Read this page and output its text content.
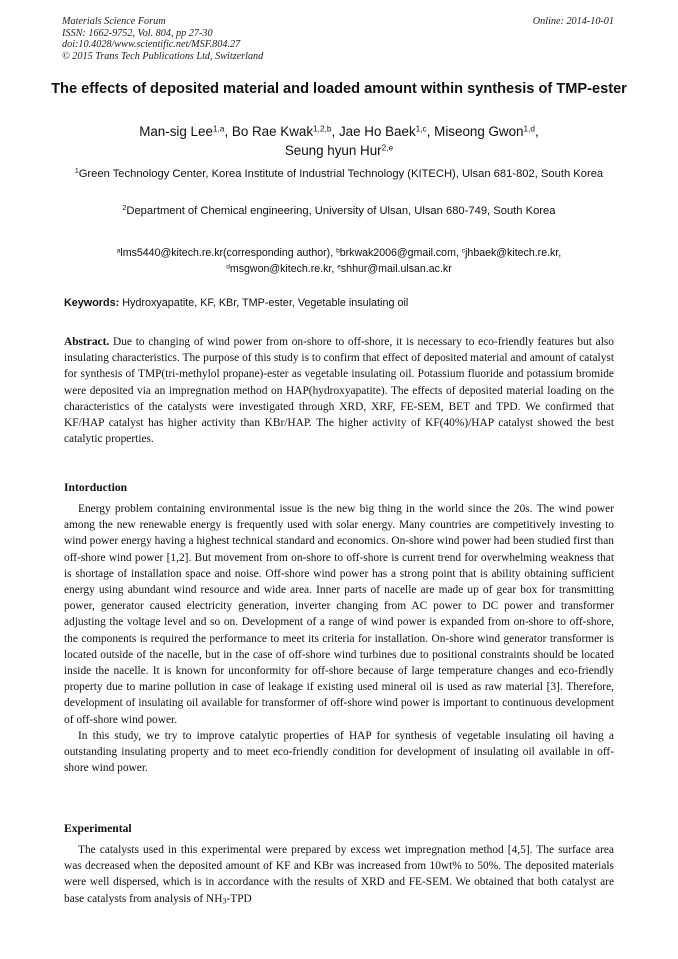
Materials Science Forum
ISSN: 1662-9752, Vol. 804, pp 27-30
doi:10.4028/www.scientific.net/MSF.804.27
© 2015 Trans Tech Publications Ltd, Switzerland
Online: 2014-10-01
The effects of deposited material and loaded amount within synthesis of TMP-ester
Man-sig Lee$^{1,a}$, Bo Rae Kwak$^{1,2,b}$, Jae Ho Baek$^{1,c}$, Miseong Gwon$^{1,d}$,
Seung hyun Hur$^{2,e}$
$^1$Green Technology Center, Korea Institute of Industrial Technology (KITECH), Ulsan 681-802, South Korea
$^2$Department of Chemical engineering, University of Ulsan, Ulsan 680-749, South Korea
$^a$lms5440@kitech.re.kr(corresponding author), $^b$brkwak2006@gmail.com, $^c$jhbaek@kitech.re.kr,
$^d$msgwon@kitech.re.kr, $^e$shhur@mail.ulsan.ac.kr
Keywords: Hydroxyapatite, KF, KBr, TMP-ester, Vegetable insulating oil
Abstract. Due to changing of wind power from on-shore to off-shore, it is necessary to eco-friendly features but also insulating characteristics. The purpose of this study is to confirm that effect of deposited material and amount of catalyst for synthesis of TMP(tri-methylol propane)-ester as vegetable insulating oil. Potassium fluoride and potassium bromide were deposited via an impregnation method on HAP(hydroxyapatite). The effects of deposited material loading on the characteristics of the catalysts were investigated through XRD, XRF, FE-SEM, BET and TPD. We confirmed that KF/HAP catalyst has higher activity than KBr/HAP. The higher activity of KF(40%)/HAP catalyst showed the best catalytic properties.
Intorduction

Energy problem containing environmental issue is the new big thing in the world since the 20s. The wind power among the new renewable energy is frequently used with solar energy. Many countries are competitively investing to wind power energy having a highest technical standard and economics. On-shore wind power had been studied first than off-shore wind power [1,2]. But movement from on-shore to off-shore is current trend for overwhelming weakness that is shortage of installation space and noise. Off-shore wind power has a strong point that is ability obtaining sufficient energy using abundant wind resource and wide area. Inner parts of nacelle are made up of gear box for transmitting power, generator caused electricity generation, inverter changing from AC power to DC power and transformer adjusting the voltage level and so on. Development of a range of wind power is expanded from on-shore to off-shore, the components is required the performance to meet its criteria for installation. On-shore wind generator transformer is located outside of the nacelle, but in the case of off-shore wind turbines due to positional constraints should be located inside the nacelle. It is known for unconformity for off-shore because of large temperature changes and eco-friendly property due to marine pollution in case of leakage if existing used mineral oil is used as raw material [3]. Therefore, development of insulating oil available for transformer of off-shore wind power is important to continuous development of off-shore wind power.

In this study, we try to improve catalytic properties of HAP for synthesis of vegetable insulating oil having a outstanding insulating property and to meet eco-friendly condition for development of insulating oil available in off-shore wind power.

Experimental

The catalysts used in this experimental were prepared by excess wet impregnation method [4,5]. The surface area was decreased when the deposited amount of KF and KBr was increased from 10wt% to 50%. The deposited materials were well dispersed, which is in accordance with the results of XRD and FE-SEM. We obtained that both catalyst are base catalysts from analysis of $NH_3$-TPD
